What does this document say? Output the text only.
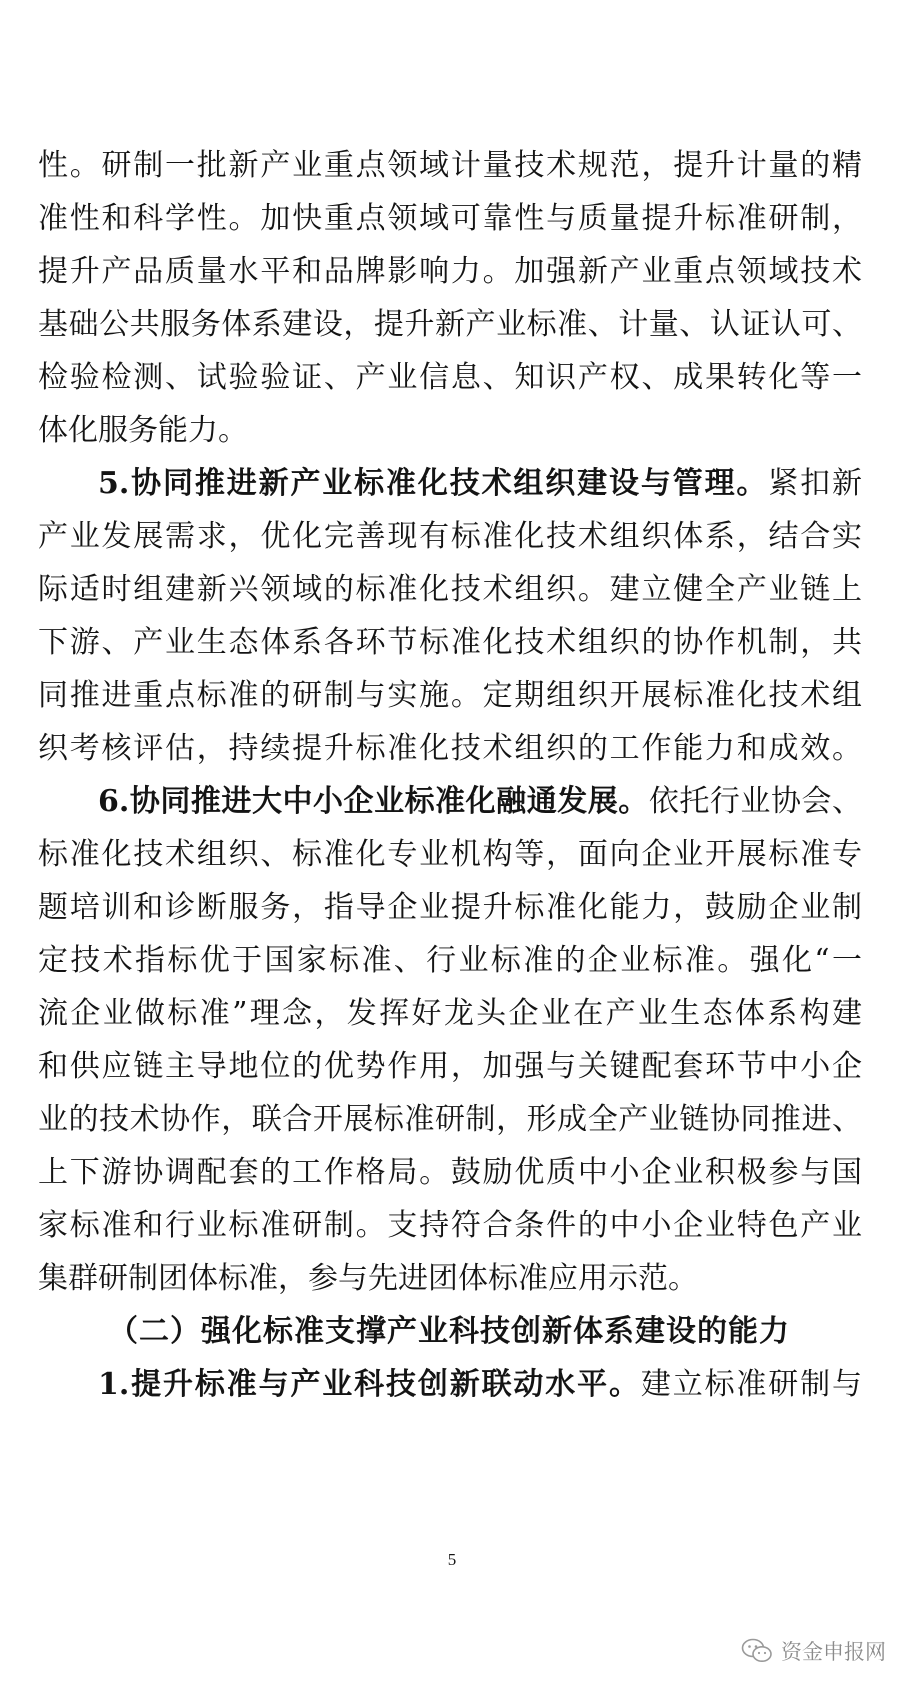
性。研制一批新产业重点领域计量技术规范，提升计量的精
准性和科学性。加快重点领域可靠性与质量提升标准研制，
提升产品质量水平和品牌影响力。加强新产业重点领域技术
基础公共服务体系建设，提升新产业标准、计量、认证认可、
检验检测、试验验证、产业信息、知识产权、成果转化等一
体化服务能力。
5.协同推进新产业标准化技术组织建设与管理。紧扣新
产业发展需求，优化完善现有标准化技术组织体系，结合实
际适时组建新兴领域的标准化技术组织。建立健全产业链上
下游、产业生态体系各环节标准化技术组织的协作机制，共
同推进重点标准的研制与实施。定期组织开展标准化技术组
织考核评估，持续提升标准化技术组织的工作能力和成效。
6.协同推进大中小企业标准化融通发展。依托行业协会、
标准化技术组织、标准化专业机构等，面向企业开展标准专
题培训和诊断服务，指导企业提升标准化能力，鼓励企业制
定技术指标优于国家标准、行业标准的企业标准。强化“一
流企业做标准”理念，发挥好龙头企业在产业生态体系构建
和供应链主导地位的优势作用，加强与关键配套环节中小企
业的技术协作，联合开展标准研制，形成全产业链协同推进、
上下游协调配套的工作格局。鼓励优质中小企业积极参与国
家标准和行业标准研制。支持符合条件的中小企业特色产业
集群研制团体标准，参与先进团体标准应用示范。
（二）强化标准支撑产业科技创新体系建设的能力
1.提升标准与产业科技创新联动水平。建立标准研制与
5
资金申报网
